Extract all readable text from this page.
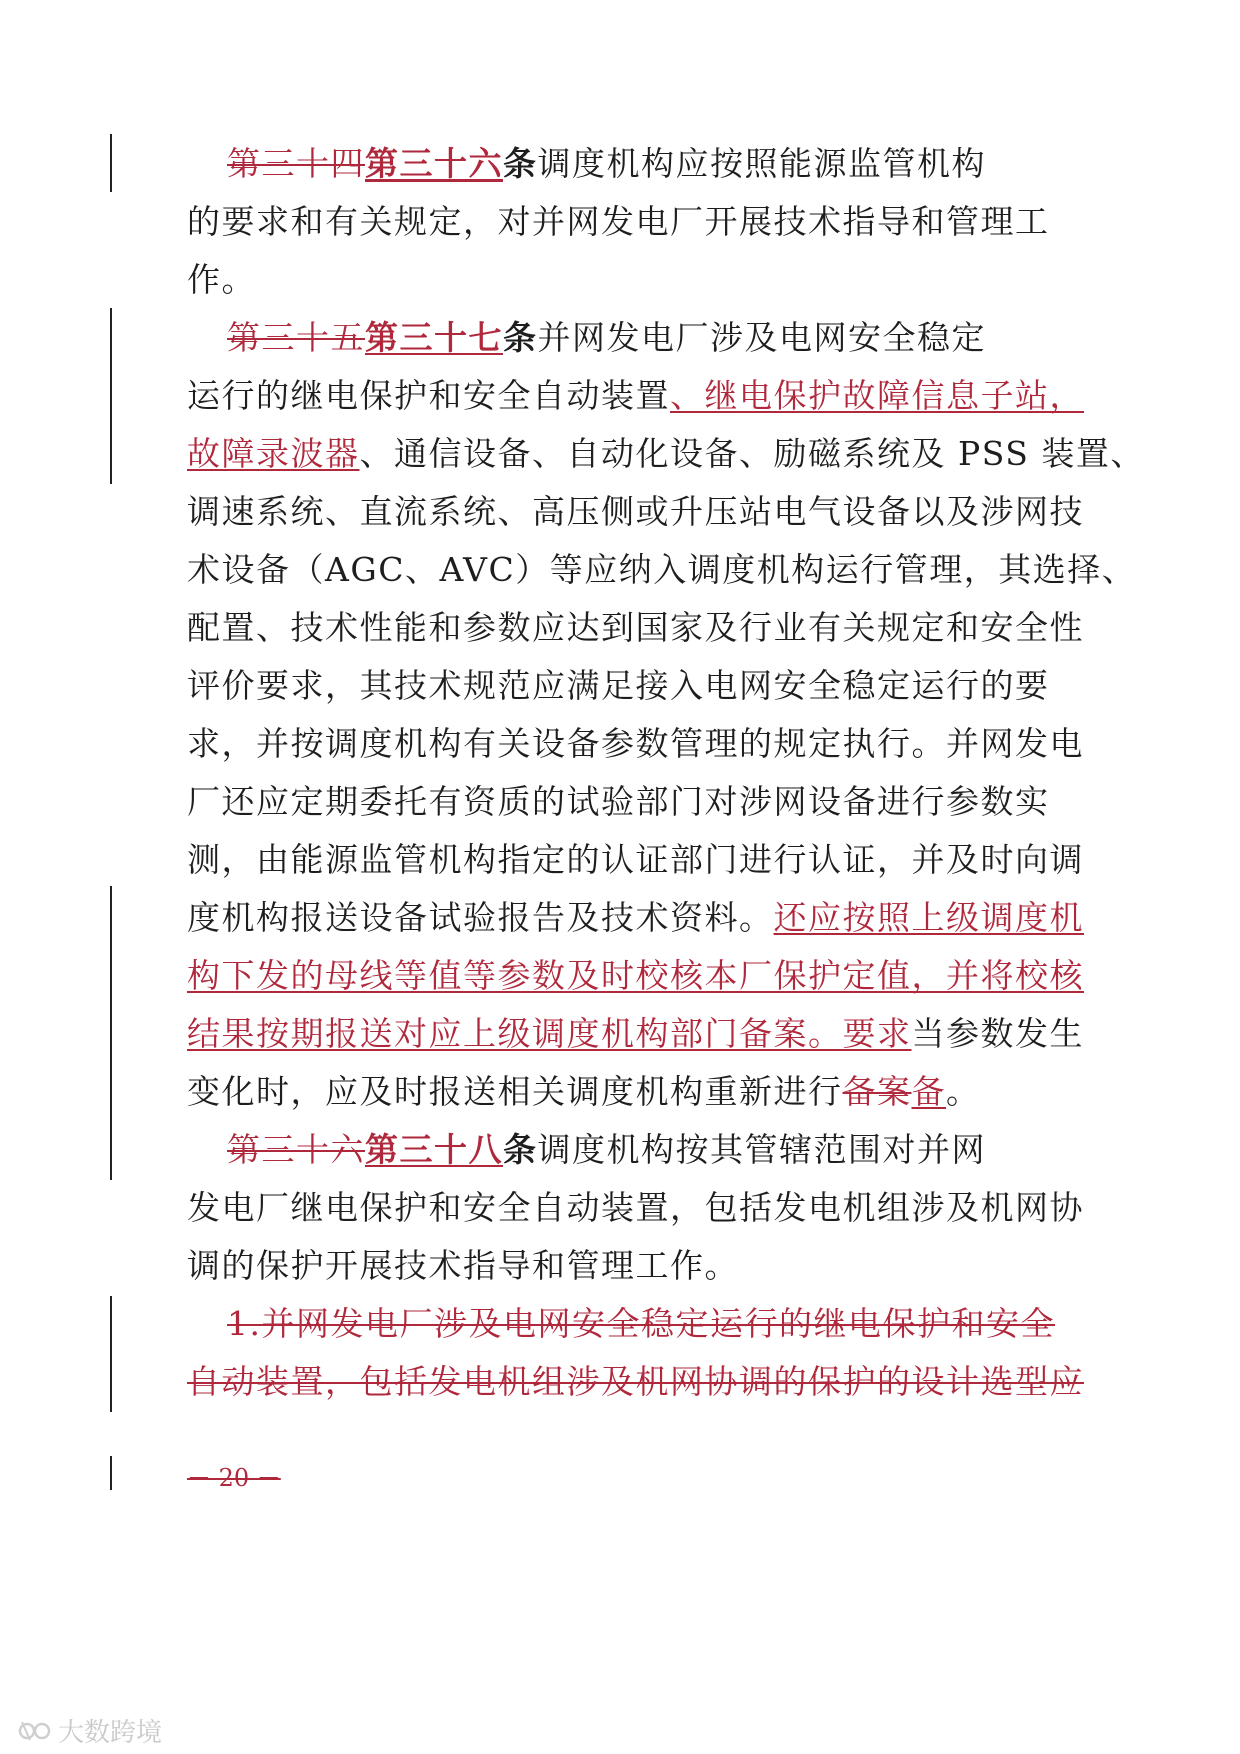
第三十四第三十六条 调度机构应按照能源监管机构
的要求和有关规定，对并网发电厂开展技术指导和管理工
作。
第三十五第三十七条 并网发电厂涉及电网安全稳定
运行的继电保护和安全自动装置、继电保护故障信息子站，
故障录波器、通信设备、自动化设备、励磁系统及 PSS 装置、
调速系统、直流系统、高压侧或升压站电气设备以及涉网技
术设备（AGC、AVC）等应纳入调度机构运行管理，其选择、
配置、技术性能和参数应达到国家及行业有关规定和安全性
评价要求，其技术规范应满足接入电网安全稳定运行的要
求，并按调度机构有关设备参数管理的规定执行。并网发电
厂还应定期委托有资质的试验部门对涉网设备进行参数实
测，由能源监管机构指定的认证部门进行认证，并及时向调
度机构报送设备试验报告及技术资料。还应按照上级调度机
构下发的母线等值等参数及时校核本厂保护定值，并将校核
结果按期报送对应上级调度机构部门备案。要求当参数发生
变化时，应及时报送相关调度机构重新进行备案备。
第三十六第三十八条 调度机构按其管辖范围对并网
发电厂继电保护和安全自动装置，包括发电机组涉及机网协
调的保护开展技术指导和管理工作。
1.并网发电厂涉及电网安全稳定运行的继电保护和安全
自动装置，包括发电机组涉及机网协调的保护的设计选型应
－ 20 －
大数跨境
